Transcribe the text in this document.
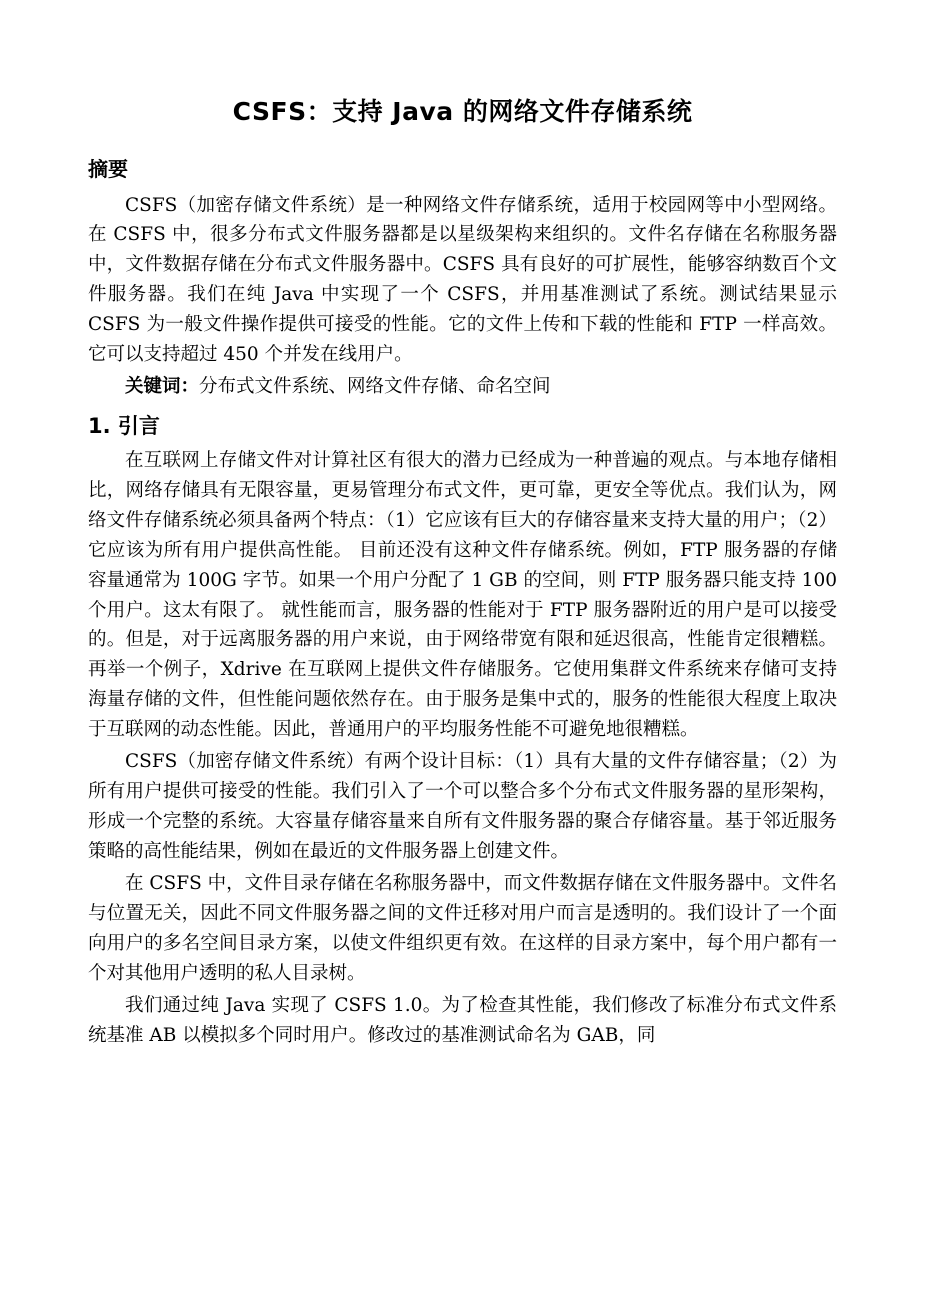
CSFS：支持 Java 的网络文件存储系统
摘要

CSFS（加密存储文件系统）是一种网络文件存储系统，适用于校园网等中小型网络。在 CSFS 中，很多分布式文件服务器都是以星级架构来组织的。文件名存储在名称服务器中，文件数据存储在分布式文件服务器中。CSFS 具有良好的可扩展性，能够容纳数百个文件服务器。我们在纯 Java 中实现了一个 CSFS，并用基准测试了系统。测试结果显示 CSFS 为一般文件操作提供可接受的性能。它的文件上传和下载的性能和 FTP 一样高效。它可以支持超过 450 个并发在线用户。

关键词：分布式文件系统、网络文件存储、命名空间

1. 引言

在互联网上存储文件对计算社区有很大的潜力已经成为一种普遍的观点。与本地存储相比，网络存储具有无限容量，更易管理分布式文件，更可靠，更安全等优点。我们认为，网络文件存储系统必须具备两个特点：（1）它应该有巨大的存储容量来支持大量的用户；（2）它应该为所有用户提供高性能。 目前还没有这种文件存储系统。例如，FTP 服务器的存储容量通常为 100G 字节。如果一个用户分配了 1 GB 的空间，则 FTP 服务器只能支持 100 个用户。这太有限了。 就性能而言，服务器的性能对于 FTP 服务器附近的用户是可以接受的。但是，对于远离服务器的用户来说，由于网络带宽有限和延迟很高，性能肯定很糟糕。再举一个例子，Xdrive 在互联网上提供文件存储服务。它使用集群文件系统来存储可支持海量存储的文件，但性能问题依然存在。由于服务是集中式的，服务的性能很大程度上取决于互联网的动态性能。因此，普通用户的平均服务性能不可避免地很糟糕。

CSFS（加密存储文件系统）有两个设计目标：（1）具有大量的文件存储容量；（2）为所有用户提供可接受的性能。我们引入了一个可以整合多个分布式文件服务器的星形架构，形成一个完整的系统。大容量存储容量来自所有文件服务器的聚合存储容量。基于邻近服务策略的高性能结果，例如在最近的文件服务器上创建文件。

在 CSFS 中，文件目录存储在名称服务器中，而文件数据存储在文件服务器中。文件名与位置无关，因此不同文件服务器之间的文件迁移对用户而言是透明的。我们设计了一个面向用户的多名空间目录方案，以使文件组织更有效。在这样的目录方案中，每个用户都有一个对其他用户透明的私人目录树。

我们通过纯 Java 实现了 CSFS 1.0。为了检查其性能，我们修改了标准分布式文件系统基准 AB 以模拟多个同时用户。修改过的基准测试命名为 GAB，同
